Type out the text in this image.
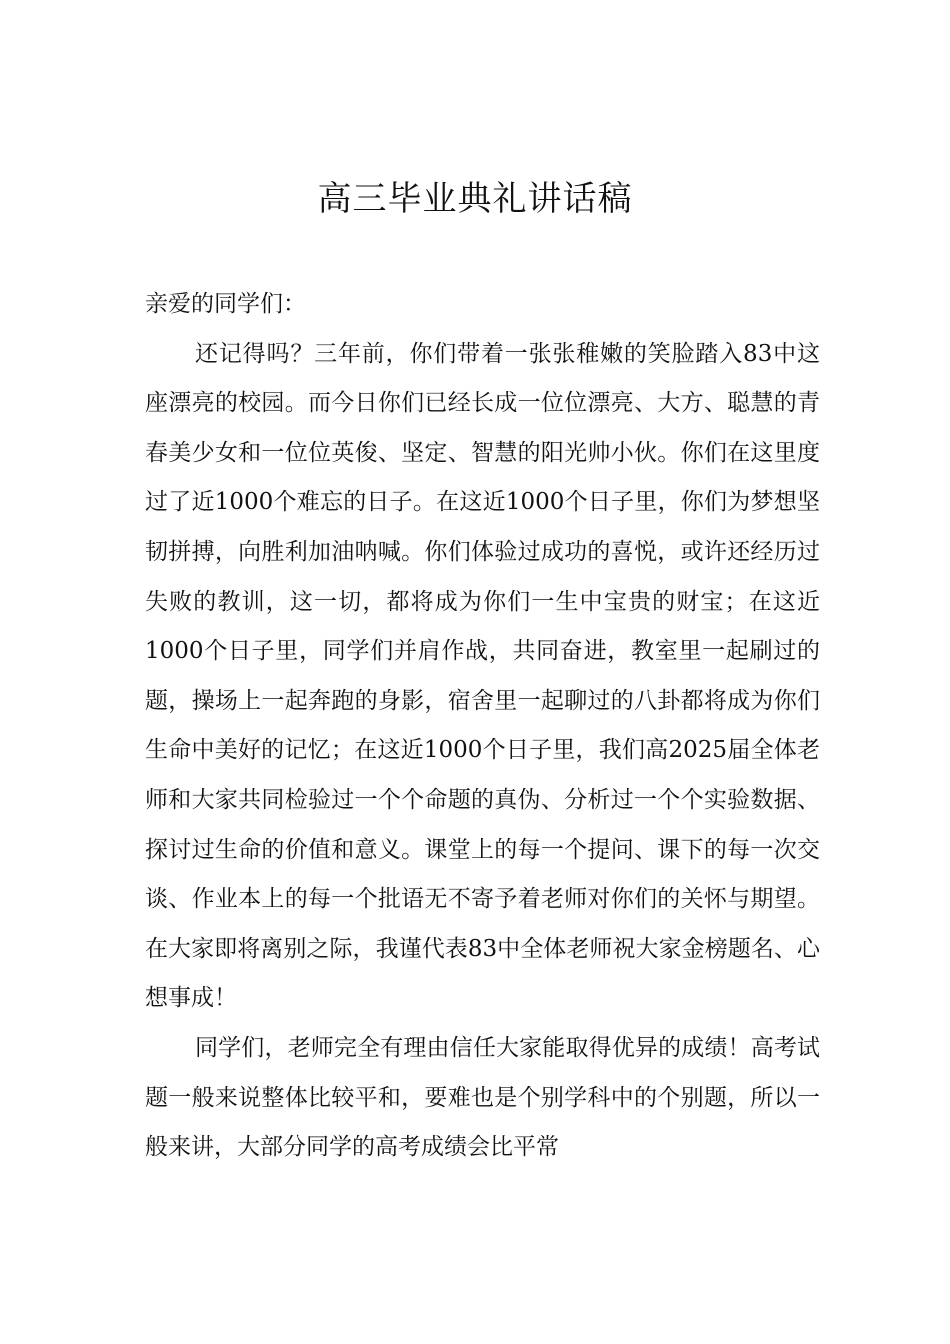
高三毕业典礼讲话稿

亲爱的同学们：

还记得吗？三年前，你们带着一张张稚嫩的笑脸踏入83中这座漂亮的校园。而今日你们已经长成一位位漂亮、大方、聪慧的青春美少女和一位位英俊、坚定、智慧的阳光帅小伙。你们在这里度过了近1000个难忘的日子。在这近1000个日子里，你们为梦想坚韧拼搏，向胜利加油呐喊。你们体验过成功的喜悦，或许还经历过失败的教训，这一切，都将成为你们一生中宝贵的财宝；在这近1000个日子里，同学们并肩作战，共同奋进，教室里一起刷过的题，操场上一起奔跑的身影，宿舍里一起聊过的八卦都将成为你们生命中美好的记忆；在这近1000个日子里，我们高2025届全体老师和大家共同检验过一个个命题的真伪、分析过一个个实验数据、探讨过生命的价值和意义。课堂上的每一个提问、课下的每一次交谈、作业本上的每一个批语无不寄予着老师对你们的关怀与期望。在大家即将离别之际，我谨代表83中全体老师祝大家金榜题名、心想事成！

同学们，老师完全有理由信任大家能取得优异的成绩！高考试题一般来说整体比较平和，要难也是个别学科中的个别题，所以一般来讲，大部分同学的高考成绩会比平常
